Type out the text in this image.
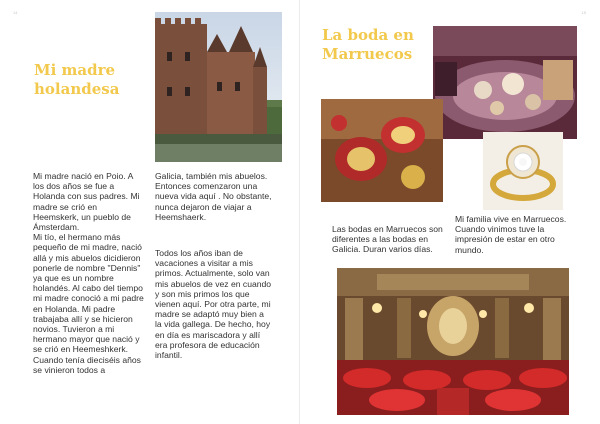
14
Mi madre holandesa

Mi madre nació en Poio. A los dos años se fue a Holanda con sus padres. Mi madre se crió en Heemskerk, un pueblo de Ámsterdam.
Mi tío, el hermano más pequeño de mi madre, nació allá y mis abuelos dicidieron ponerle de nombre "Dennis" ya que es un nombre holandés. Al cabo del tiempo mi madre conoció a mi padre en Holanda. Mi padre trabajaba allí y se hicieron novios. Tuvieron a mi hermano mayor que nació y se crió en Heemeshkerk. Cuando tenía dieciséis años se vinieron todos a

Galicia, también mis abuelos.
Entonces comenzaron una nueva vida aquí . No obstante, nunca dejaron de viajar a Heemshaerk.

Todos los años iban de vacaciones a visitar a mis primos. Actualmente, solo van mis abuelos de vez en cuando y son mis primos los que vienen aquí. Por otra parte, mi madre se adaptó muy bien a la vida gallega. De hecho, hoy en día es mariscadora y allí era profesora de educación infantil.

15
La boda en Marruecos

Las bodas en Marruecos son diferentes a las bodas en Galicia. Duran varios días.

Mi familia vive en Marruecos. Cuando vinimos tuve la impresión de estar en otro mundo.
